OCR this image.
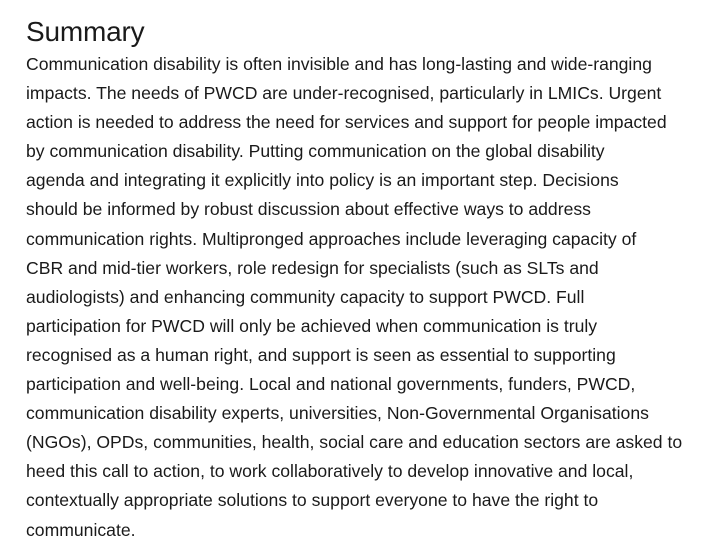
Summary

Communication disability is often invisible and has long-lasting and wide-ranging
impacts. The needs of PWCD are under-recognised, particularly in LMICs. Urgent
action is needed to address the need for services and support for people impacted
by communication disability. Putting communication on the global disability
agenda and integrating it explicitly into policy is an important step. Decisions
should be informed by robust discussion about effective ways to address
communication rights. Multipronged approaches include leveraging capacity of
CBR and mid-tier workers, role redesign for specialists (such as SLTs and
audiologists) and enhancing community capacity to support PWCD. Full
participation for PWCD will only be achieved when communication is truly
recognised as a human right, and support is seen as essential to supporting
participation and well-being. Local and national governments, funders, PWCD,
communication disability experts, universities, Non-Governmental Organisations
(NGOs), OPDs, communities, health, social care and education sectors are asked to
heed this call to action, to work collaboratively to develop innovative and local,
contextually appropriate solutions to support everyone to have the right to
communicate.
